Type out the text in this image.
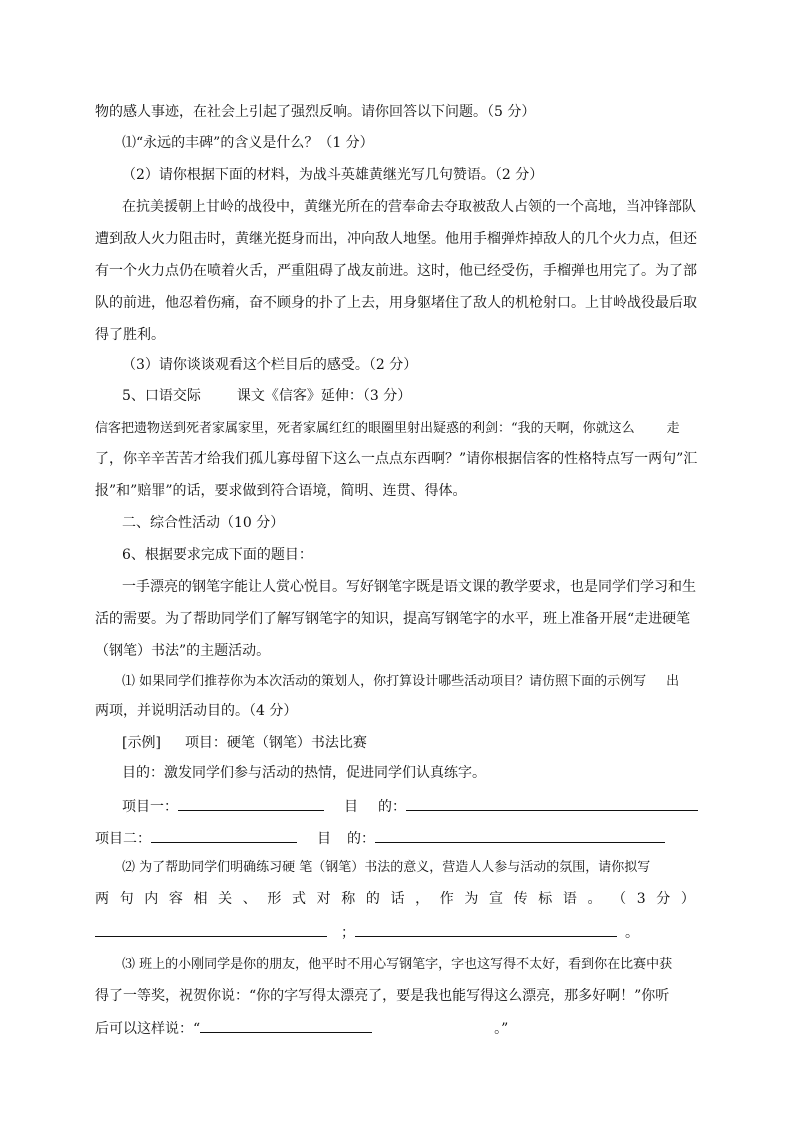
物的感人事迹，在社会上引起了强烈反响。请你回答以下问题。（5 分）
⑴“永远的丰碑”的含义是什么？（1 分）
（2）请你根据下面的材料，为战斗英雄黄继光写几句赞语。（2 分）
在抗美援朝上甘岭的战役中，黄继光所在的营奉命去夺取被敌人占领的一个高地，当冲锋部队
遭到敌人火力阻击时，黄继光挺身而出，冲向敌人地堡。他用手榴弹炸掉敌人的几个火力点，但还
有一个火力点仍在喷着火舌，严重阻碍了战友前进。这时，他已经受伤，手榴弹也用完了。为了部
队的前进，他忍着伤痛，奋不顾身的扑了上去，用身躯堵住了敌人的机枪射口。上甘岭战役最后取
得了胜利。
（3）请你谈谈观看这个栏目后的感受。（2 分）
5、口语交际	课文《信客》延伸：（3 分）
信客把遗物送到死者家属家里，死者家属红红的眼圈里射出疑惑的利剑：“我的天啊，你就这么 走
了，你辛辛苦苦才给我们孤儿寡母留下这么一点点东西啊？”请你根据信客的性格特点写一两句”汇
报”和”赔罪”的话，要求做到符合语境，简明、连贯、得体。
二、综合性活动（10 分）
6、根据要求完成下面的题目：
一手漂亮的钢笔字能让人赏心悦目。写好钢笔字既是语文课的教学要求，也是同学们学习和生
活的需要。为了帮助同学们了解写钢笔字的知识，提高写钢笔字的水平，班上准备开展“走进硬笔
（钢笔）书法”的主题活动。
⑴ 如果同学们推荐你为本次活动的策划人，你打算设计哪些活动项目？请仿照下面的示例写 出
两项，并说明活动目的。（4 分）
[示例] 项目：硬笔（钢笔）书法比赛
目的：激发同学们参与活动的热情，促进同学们认真练字。
项目一：	目 的：
项目二：	目 的：
⑵ 为了帮助同学们明确练习硬 笔（钢笔）书法的意义，营造人人参与活动的氛围，请你拟写
两 句 内 容 相 关 、 形 式 对 称 的 话 ， 作 为 宣 传 标 语 。 （ 3 分 ）
；	。
⑶ 班上的小刚同学是你的朋友，他平时不用心写钢笔字，字也这写得不太好，看到你在比赛中获
得了一等奖，祝贺你说：“你的字写得太漂亮了，要是我也能写得这么漂亮，那多好啊！”你听
后可以这样说：“	。”
